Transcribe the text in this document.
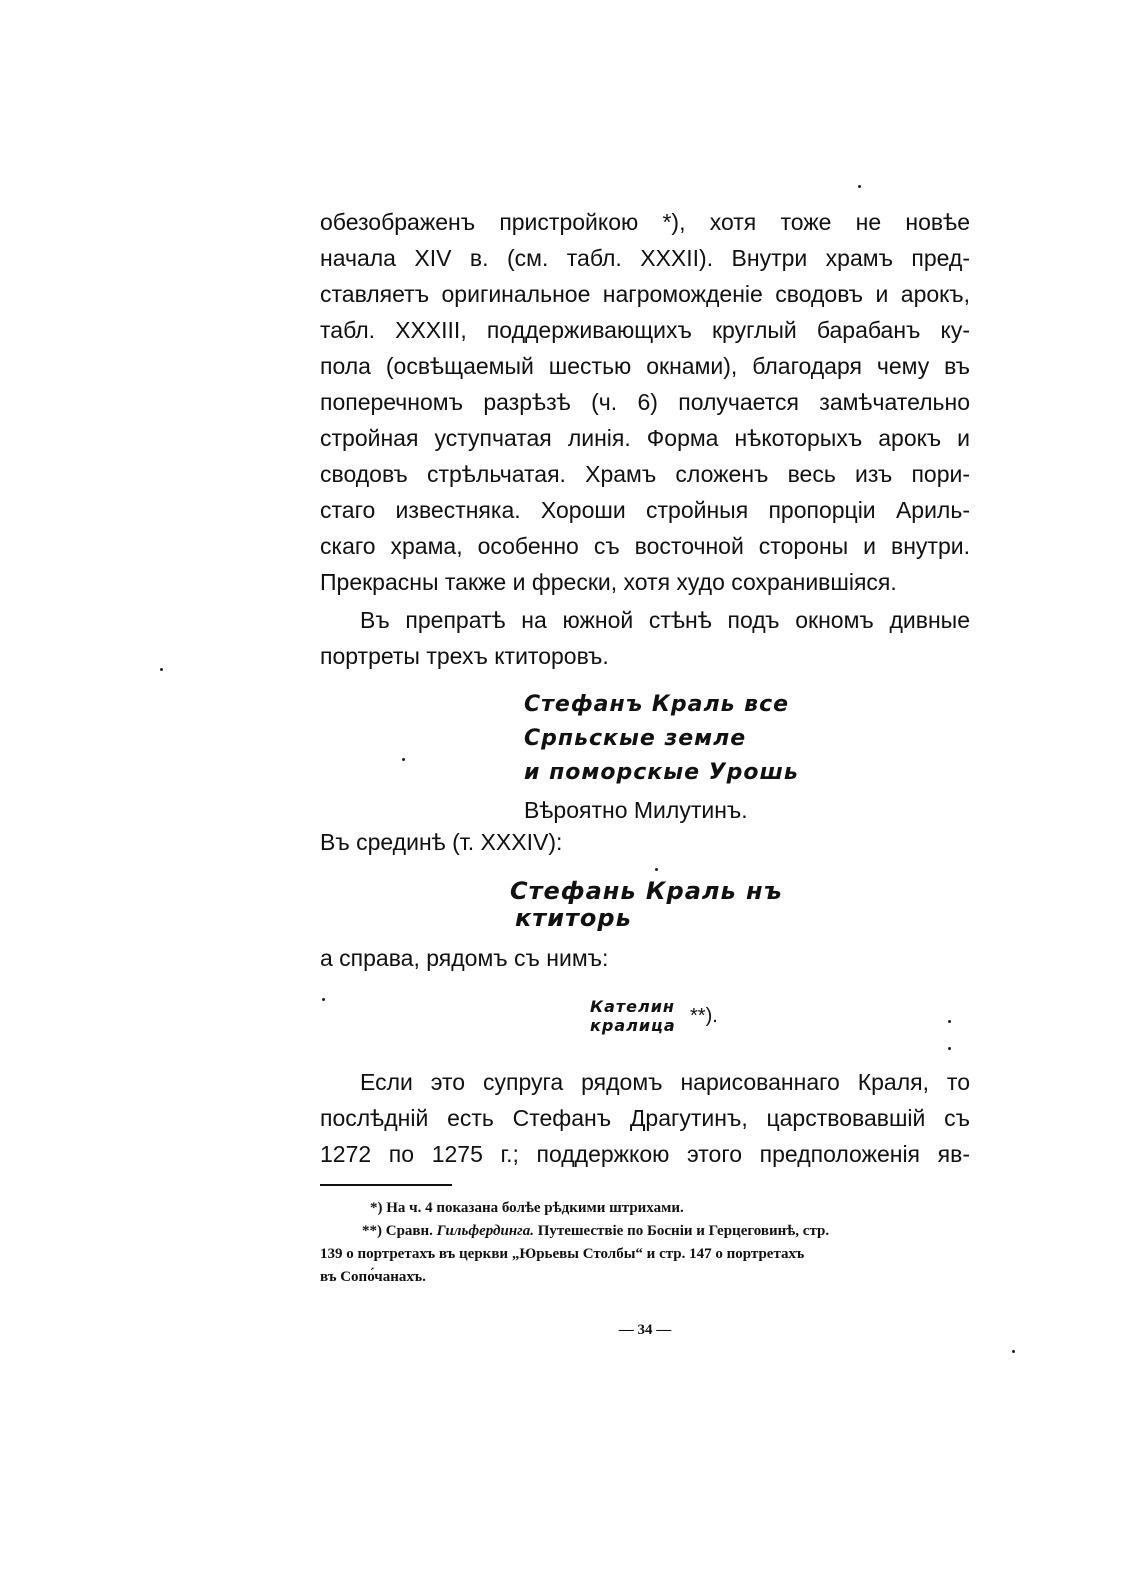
обезображенъ пристройкою *), хотя тоже не новѣе
начала XIV в. (см. табл. XXXII). Внутри храмъ пред-
ставляетъ оригинальное нагроможденіе сводовъ и арокъ,
табл. XXXIII, поддерживающихъ круглый барабанъ ку-
пола (освѣщаемый шестью окнами), благодаря чему въ
поперечномъ разрѣзѣ (ч. 6) получается замѣчательно
стройная уступчатая линія. Форма нѣкоторыхъ арокъ и
сводовъ стрѣльчатая. Храмъ сложенъ весь изъ пори-
стаго известняка. Хороши стройныя пропорціи Ариль-
скаго храма, особенно съ восточной стороны и внутри.
Прекрасны также и фрески, хотя худо сохранившіяся.
Въ прeпратѣ на южной стѣнѣ подъ окномъ дивные
портреты трехъ ктиторовъ.
Стефанъ Краль все
Српьскые земле
и поморскыe Урошь
Вѣроятно Милутинъ.
Въ срединѣ (т. XXXIV):
Стефань Краль нъ
ктиторь
а справа, рядомъ съ нимъ:
Кателин
кралица **).
Если это супруга рядомъ нарисованнаго Краля, то
послѣдній есть Стефанъ Драгутинъ, царствовавшій съ
1272 по 1275 г.; поддержкою этого предположенія яв-
*) На ч. 4 показана болѣе рѣдкими штрихами.
**) Сравн. Гильфердинга. Путешествіе по Босніи и Герцеговинѣ, стр.
139 о портретахъ въ церкви „Юрьевы Столбы“ и стр. 147 о портретахъ
въ Сопо́чанахъ.
— 34 —
